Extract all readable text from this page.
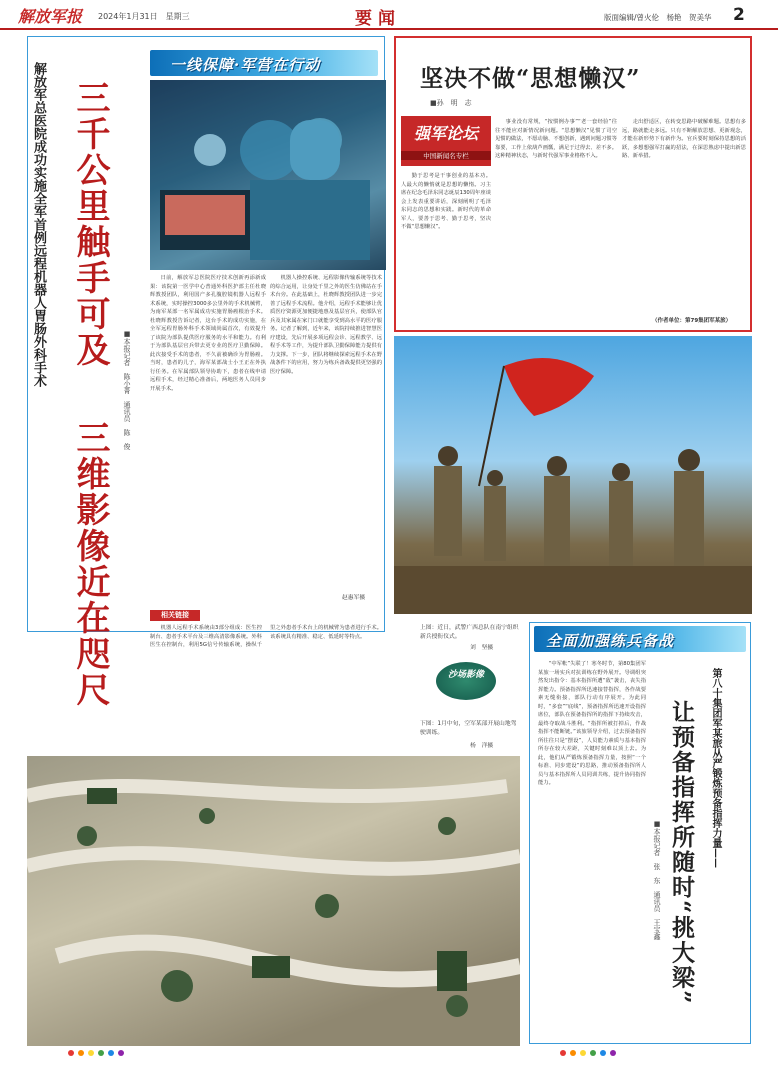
解放军报 2024年1月31日　星期三	要闻	版面编辑/曾火伦　杨艳　贺美华 2
一线保障·军营在行动
解放军总医院成功实施全军首例远程机器人胃肠外科手术 三千公里触手可及
三维影像近在咫尺
■本报记者　陈小菁　通讯员　陈　俊

日前，解放军总医院医疗技术创新再添新成果：该院第一医学中心普通外科医护部主任杜晓辉教授团队，利用国产多孔腹腔镜机器人远程手术系统，实时操控3000多公里外的手术机械臂，为南军某部一名军属成功实施胃肠癌根治手术。杜晓辉教授告诉记者，这台手术的成功实施，在全军远程胃肠外科手术领域尚属首次，有效提升了该院为部队提供医疗服务的水平和能力。有利于为部队基层官兵带去更专业的医疗卫勤保障。此次接受手术的患者，不久前被确诊为胃肠癌。当时，患者的儿子，海军某部战士小王正在外执行任务。在军属部队领导协助下，患者在线申请远程手术，经过精心准备后，两地医务人员同步开展手术。

机器人操控系统、远程影像传输系统等技术的综合运用，让身处千里之外的医生仿佛站在手术台旁。在此基础上，杜晓辉教授团队进一步完善了远程手术流程。他介绍，远程手术能够让优质医疗资源更加便捷地惠及基层官兵，使部队官兵及其家属在家门口就能享受到高水平的医疗服务。记者了解到，近年来，该院持续推进智慧医疗建设，先后开展多项远程会诊、远程教学、远程手术等工作，为提升部队卫勤保障能力提供有力支撑。下一步，团队将继续探索远程手术在野战条件下的应用，努力为练兵备战提供更坚强的医疗保障。

赵惠军摄
相关链接

机器人远程手术系统由3部分组成：医生控制台、患者手术平台及三维高清影像系统。外科医生在控制台，利用5G信号传输系统，操纵千里之外患者手术台上的机械臂为患者进行手术。该系统具有精准、稳定、低延时等特点。

坚决不做“思想懒汉”
■孙　明　志
强军论坛
中国新闻名专栏

勤于思考是干事创业的基本功。人最大的懒惰就是思想的懒惰。习主席在纪念毛泽东同志诞辰130周年座谈会上发表重要讲话，深刻阐明了毛泽东同志的思想和实践。新时代的革命军人，要善于思考、勤于思考，坚决不做“思想懒汉”。

事业没有常规，“按惯例办事”“老一套经验”往往不能应对新情况新问题。“思想懒汉”见惯了司空见惯的做法，不愿动脑、不想创新，遇到问题习惯等靠要，工作上依葫芦画瓢，满足于过得去、差不多。这种精神状态，与新时代强军事业格格不入。

走出舒适区，在转变思路中破解难题。思想有多远，路就能走多远。只有不断解放思想、更新观念，才能在新形势下有新作为。官兵要时刻保持思想的活跃，多想想强军打赢的招法，在深思熟虑中提出新思路、新举措。

（作者单位：第79集团军某旅）
上图：近日，武警广西总队在南宁组织新兵授衔仪式。
刘　坚摄
沙场影像
下图：1月中旬，空军某部开展山地驾驶训练。
杨　洋摄
全面加强练兵备战
第八十集团军某旅从严锻炼预备指挥力量——
让预备指挥所随时“挑大梁”
■本报记者　张　东　通讯员　王宝鑫

“中军帐”失联了！寒冬时节，第80集团军某旅一场实兵对抗训练在野外展开。导调组突然发出指令：基本指挥所遭“敌”袭击，丧失指挥能力。预备指挥所迅速接替指挥，各作战要素无缝衔接，部队行动有序展开。为此同时，“多套”“底线”，预备指挥所迅速开设指挥席位，部队在预备指挥所的指挥下持续攻击，最终夺取战斗胜利。“指挥所被打掉后，作战指挥不能断链。”该旅领导介绍，过去预备指挥所往往只是“摆设”，人员能力素质与基本指挥所存在较大差距，关键时刻难以顶上去。为此，他们从严锻炼预备指挥力量，按照“一个标准、同步建设”的思路，推动预备指挥所人员与基本指挥所人员同训共练，提升协同指挥能力。
